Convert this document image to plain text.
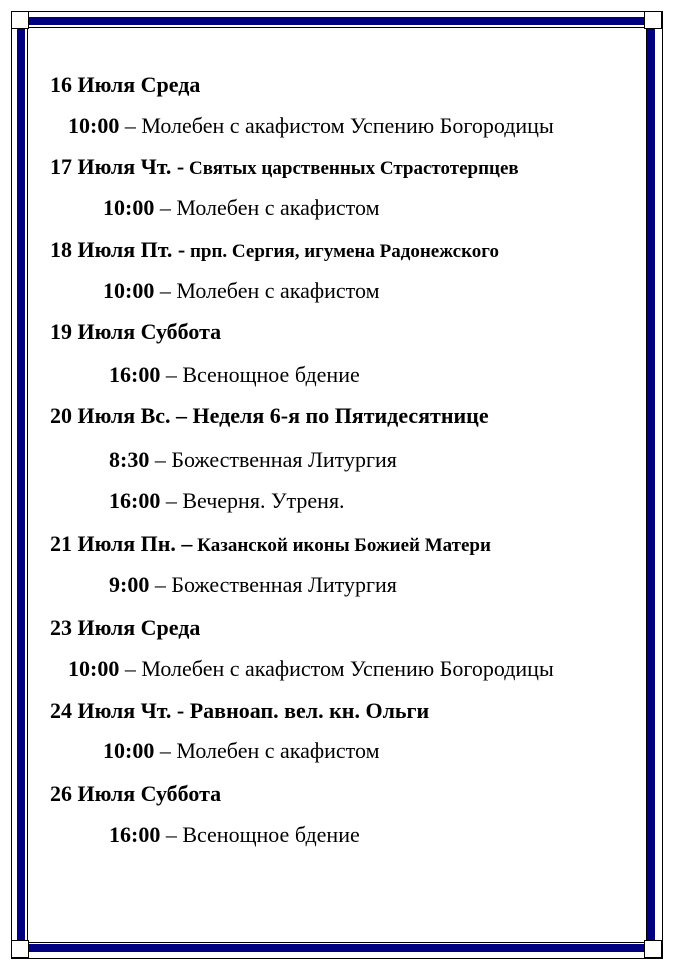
16 Июля Среда
10:00 – Молебен с акафистом Успению Богородицы
17 Июля Чт. - Святых царственных Страстотерпцев
10:00 – Молебен с акафистом
18 Июля Пт. - прп. Сергия, игумена Радонежского
10:00 – Молебен с акафистом
19 Июля Суббота
16:00 – Всенощное бдение
20 Июля Вс. – Неделя 6-я по Пятидесятнице
8:30 – Божественная Литургия
16:00 – Вечерня. Утреня.
21 Июля Пн. – Казанской иконы Божией Матери
9:00 – Божественная Литургия
23 Июля Среда
10:00 – Молебен с акафистом Успению Богородицы
24 Июля Чт. - Равноап. вел. кн. Ольги
10:00 – Молебен с акафистом
26 Июля Суббота
16:00 – Всенощное бдение
